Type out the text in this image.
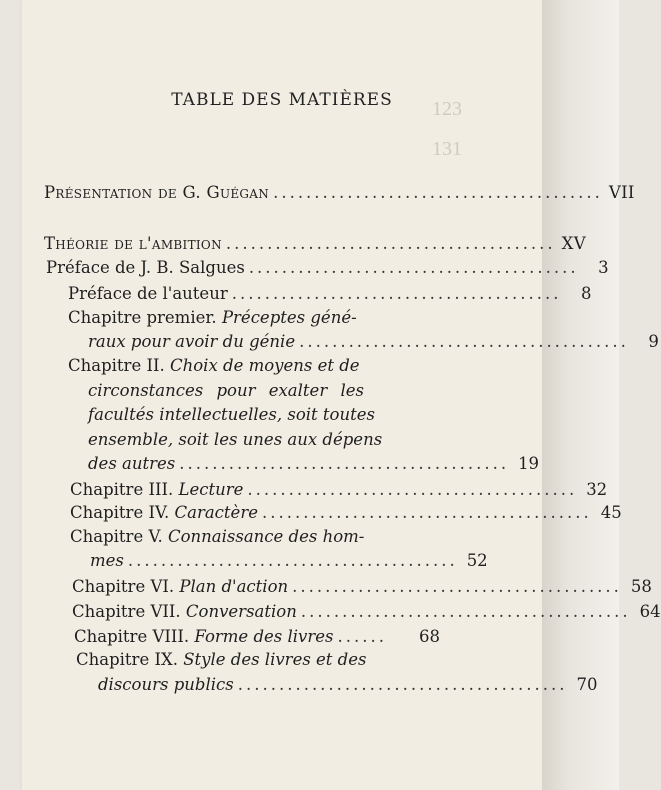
123
131
TABLE DES MATIÈRES
Présentation de G. Guégan ........................................ VII
Théorie de l'ambition ........................................ XV
Préface de J. B. Salgues ........................................	3
Préface de l'auteur ........................................	8
Chapitre premier. Préceptes géné-
raux pour avoir du génie ........................................	9
Chapitre II. Choix de moyens et de
circonstances pour exalter les
facultés intellectuelles, soit toutes
ensemble, soit les unes aux dépens
des autres ........................................ 19
Chapitre III. Lecture ........................................ 32
Chapitre IV. Caractère ........................................ 45
Chapitre V. Connaissance des hom-
mes ........................................ 52
Chapitre VI. Plan d'action ........................................ 58
Chapitre VII. Conversation ........................................ 64
Chapitre VIII. Forme des livres ......	68
Chapitre IX. Style des livres et des
discours publics ........................................ 70
